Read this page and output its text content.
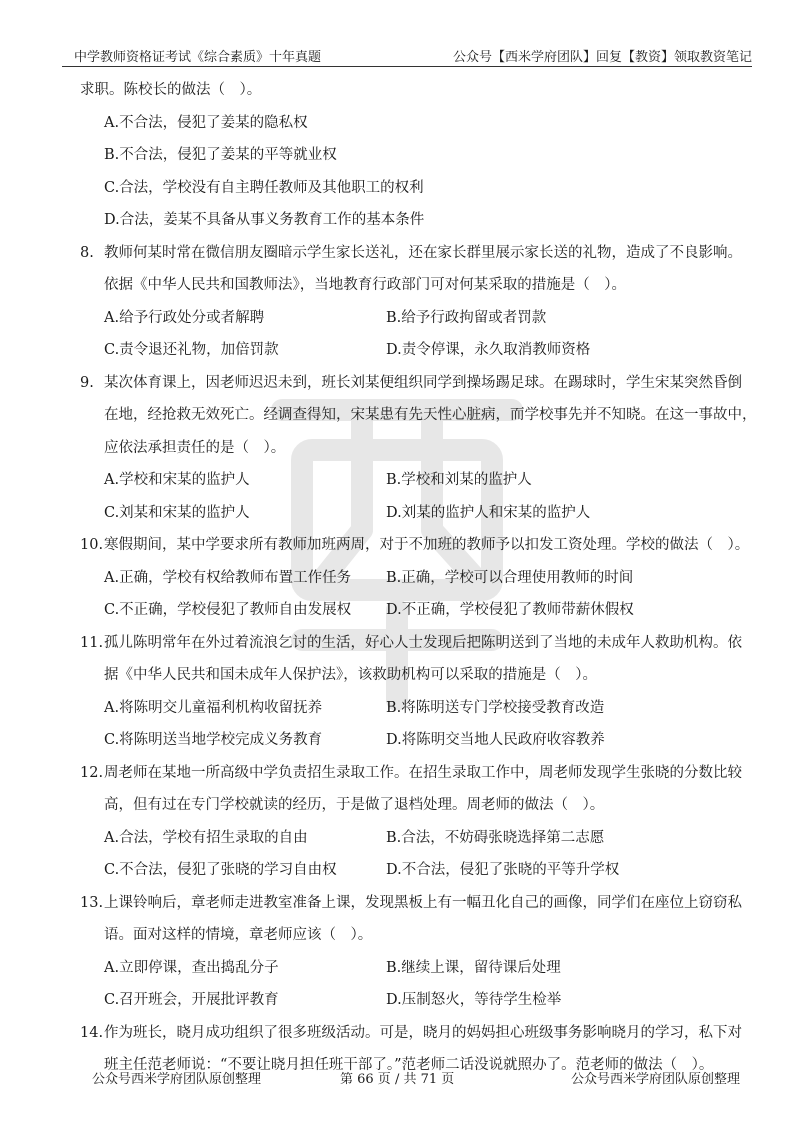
中学教师资格证考试《综合素质》十年真题	公众号【西米学府团队】回复【教资】领取教资笔记
求职。陈校长的做法（　）。
A.不合法，侵犯了姜某的隐私权
B.不合法，侵犯了姜某的平等就业权
C.合法，学校没有自主聘任教师及其他职工的权利
D.合法，姜某不具备从事义务教育工作的基本条件
8. 教师何某时常在微信朋友圈暗示学生家长送礼，还在家长群里展示家长送的礼物，造成了不良影响。
依据《中华人民共和国教师法》，当地教育行政部门可对何某采取的措施是（　）。
A.给予行政处分或者解聘	B.给予行政拘留或者罚款
C.责令退还礼物，加倍罚款	D.责令停课，永久取消教师资格
9. 某次体育课上，因老师迟迟未到，班长刘某便组织同学到操场踢足球。在踢球时，学生宋某突然昏倒
在地，经抢救无效死亡。经调查得知，宋某患有先天性心脏病，而学校事先并不知晓。在这一事故中，
应依法承担责任的是（　）。
A.学校和宋某的监护人	B.学校和刘某的监护人
C.刘某和宋某的监护人	D.刘某的监护人和宋某的监护人
10.寒假期间，某中学要求所有教师加班两周，对于不加班的教师予以扣发工资处理。学校的做法（　）。
A.正确，学校有权给教师布置工作任务 B.正确，学校可以合理使用教师的时间
C.不正确，学校侵犯了教师自由发展权 D.不正确，学校侵犯了教师带薪休假权
11.孤儿陈明常年在外过着流浪乞讨的生活，好心人士发现后把陈明送到了当地的未成年人救助机构。依
据《中华人民共和国未成年人保护法》，该救助机构可以采取的措施是（　）。
A.将陈明交儿童福利机构收留抚养	B.将陈明送专门学校接受教育改造
C.将陈明送当地学校完成义务教育	D.将陈明交当地人民政府收容教养
12.周老师在某地一所高级中学负责招生录取工作。在招生录取工作中，周老师发现学生张晓的分数比较
高，但有过在专门学校就读的经历，于是做了退档处理。周老师的做法（　）。
A.合法，学校有招生录取的自由	B.合法，不妨碍张晓选择第二志愿
C.不合法，侵犯了张晓的学习自由权	D.不合法，侵犯了张晓的平等升学权
13.上课铃响后，章老师走进教室准备上课，发现黑板上有一幅丑化自己的画像，同学们在座位上窃窃私
语。面对这样的情境，章老师应该（　）。
A.立即停课，查出捣乱分子	B.继续上课，留待课后处理
C.召开班会，开展批评教育	D.压制怒火，等待学生检举
14.作为班长，晓月成功组织了很多班级活动。可是，晓月的妈妈担心班级事务影响晓月的学习，私下对
班主任范老师说：“不要让晓月担任班干部了。”范老师二话没说就照办了。范老师的做法（　）。
公众号西米学府团队原创整理	第 66 页 / 共 71 页	公众号西米学府团队原创整理
